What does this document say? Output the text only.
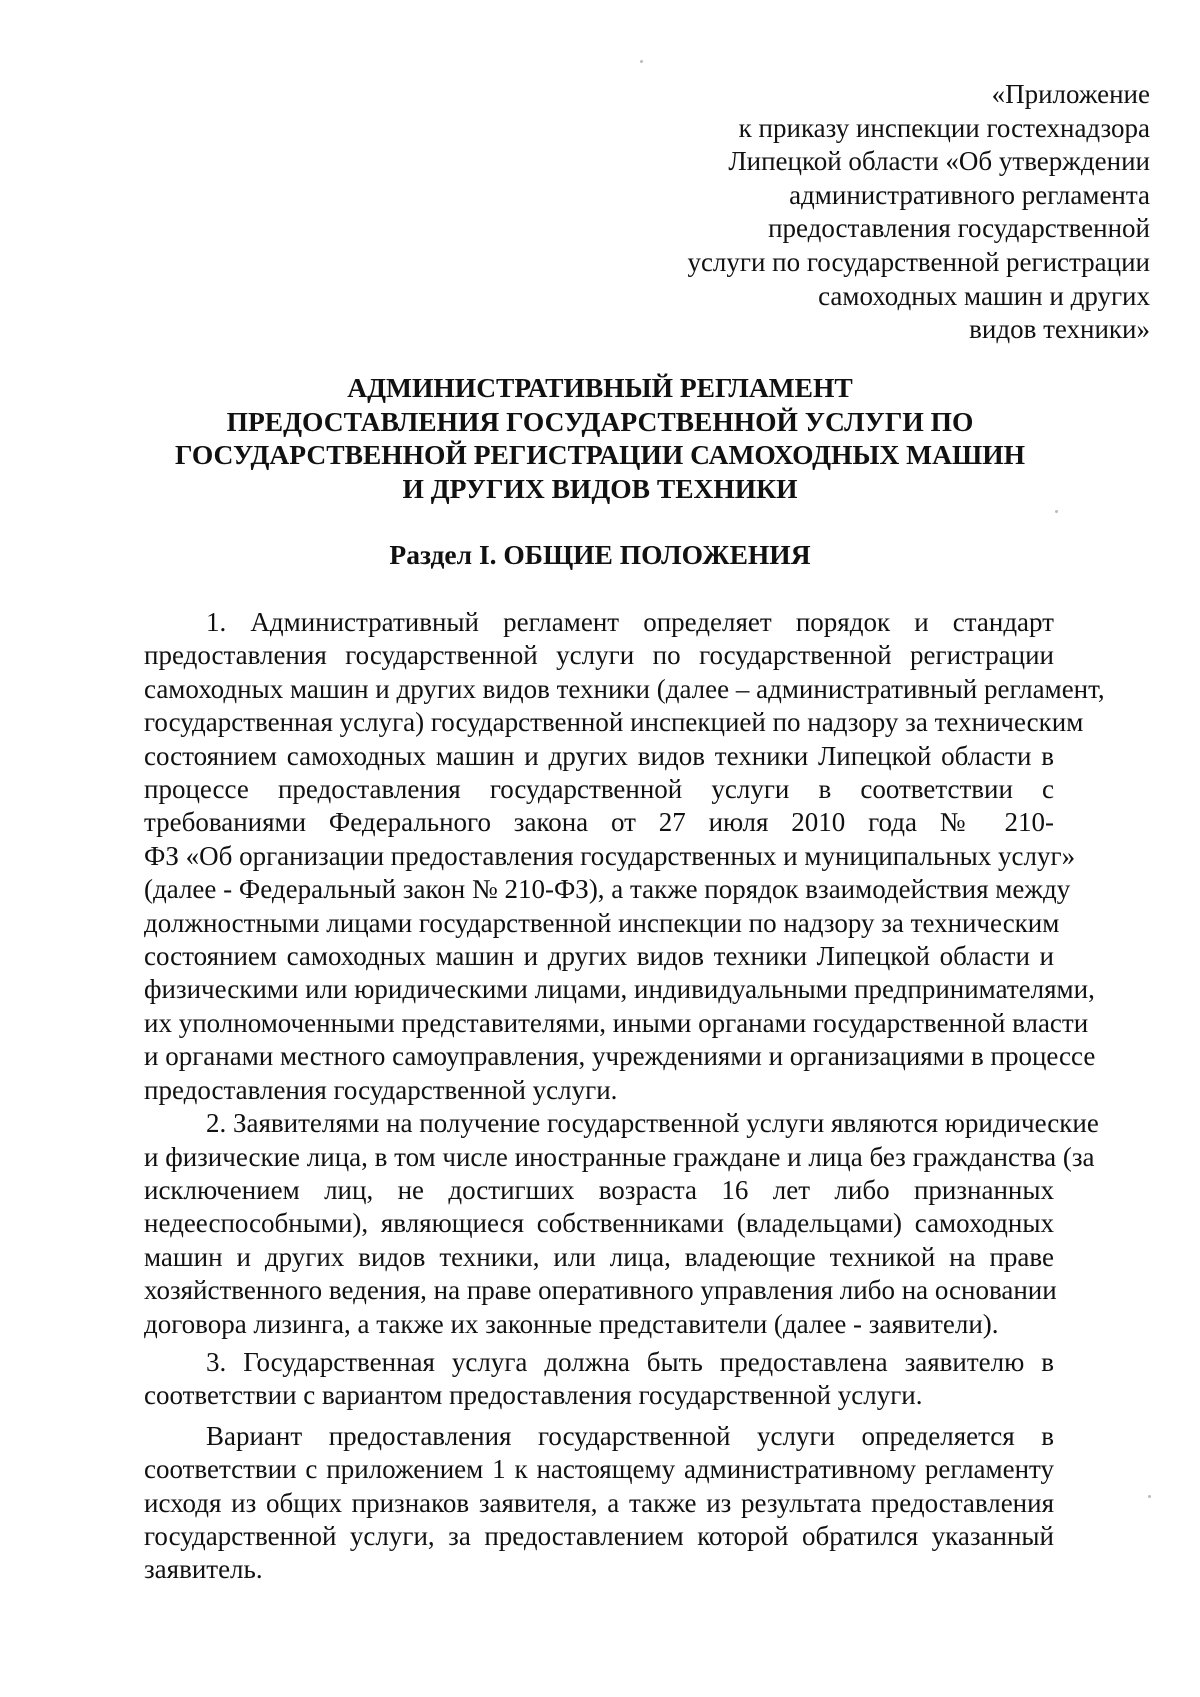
«Приложение
к приказу инспекции гостехнадзора
Липецкой области «Об утверждении
административного регламента
предоставления государственной
услуги по государственной регистрации
самоходных машин и других
видов техники»
АДМИНИСТРАТИВНЫЙ РЕГЛАМЕНТ
ПРЕДОСТАВЛЕНИЯ ГОСУДАРСТВЕННОЙ УСЛУГИ ПО
ГОСУДАРСТВЕННОЙ РЕГИСТРАЦИИ САМОХОДНЫХ МАШИН
И ДРУГИХ ВИДОВ ТЕХНИКИ
Раздел I. ОБЩИЕ ПОЛОЖЕНИЯ
1. Административный регламент определяет порядок и стандарт
предоставления государственной услуги по государственной регистрации
самоходных машин и других видов техники (далее – административный регламент,
государственная услуга) государственной инспекцией по надзору за техническим
состоянием самоходных машин и других видов техники Липецкой области в
процессе предоставления государственной услуги в соответствии с
требованиями Федерального закона от 27 июля 2010 года № 210-
ФЗ «Об организации предоставления государственных и муниципальных услуг»
(далее - Федеральный закон № 210-ФЗ), а также порядок взаимодействия между
должностными лицами государственной инспекции по надзору за техническим
состоянием самоходных машин и других видов техники Липецкой области и
физическими или юридическими лицами, индивидуальными предпринимателями,
их уполномоченными представителями, иными органами государственной власти
и органами местного самоуправления, учреждениями и организациями в процессе
предоставления государственной услуги.
2. Заявителями на получение государственной услуги являются юридические
и физические лица, в том числе иностранные граждане и лица без гражданства (за
исключением лиц, не достигших возраста 16 лет либо признанных
недееспособными), являющиеся собственниками (владельцами) самоходных
машин и других видов техники, или лица, владеющие техникой на праве
хозяйственного ведения, на праве оперативного управления либо на основании
договора лизинга, а также их законные представители (далее - заявители).
3. Государственная услуга должна быть предоставлена заявителю в
соответствии с вариантом предоставления государственной услуги.
Вариант предоставления государственной услуги определяется в
соответствии с приложением 1 к настоящему административному регламенту
исходя из общих признаков заявителя, а также из результата предоставления
государственной услуги, за предоставлением которой обратился указанный
заявитель.
